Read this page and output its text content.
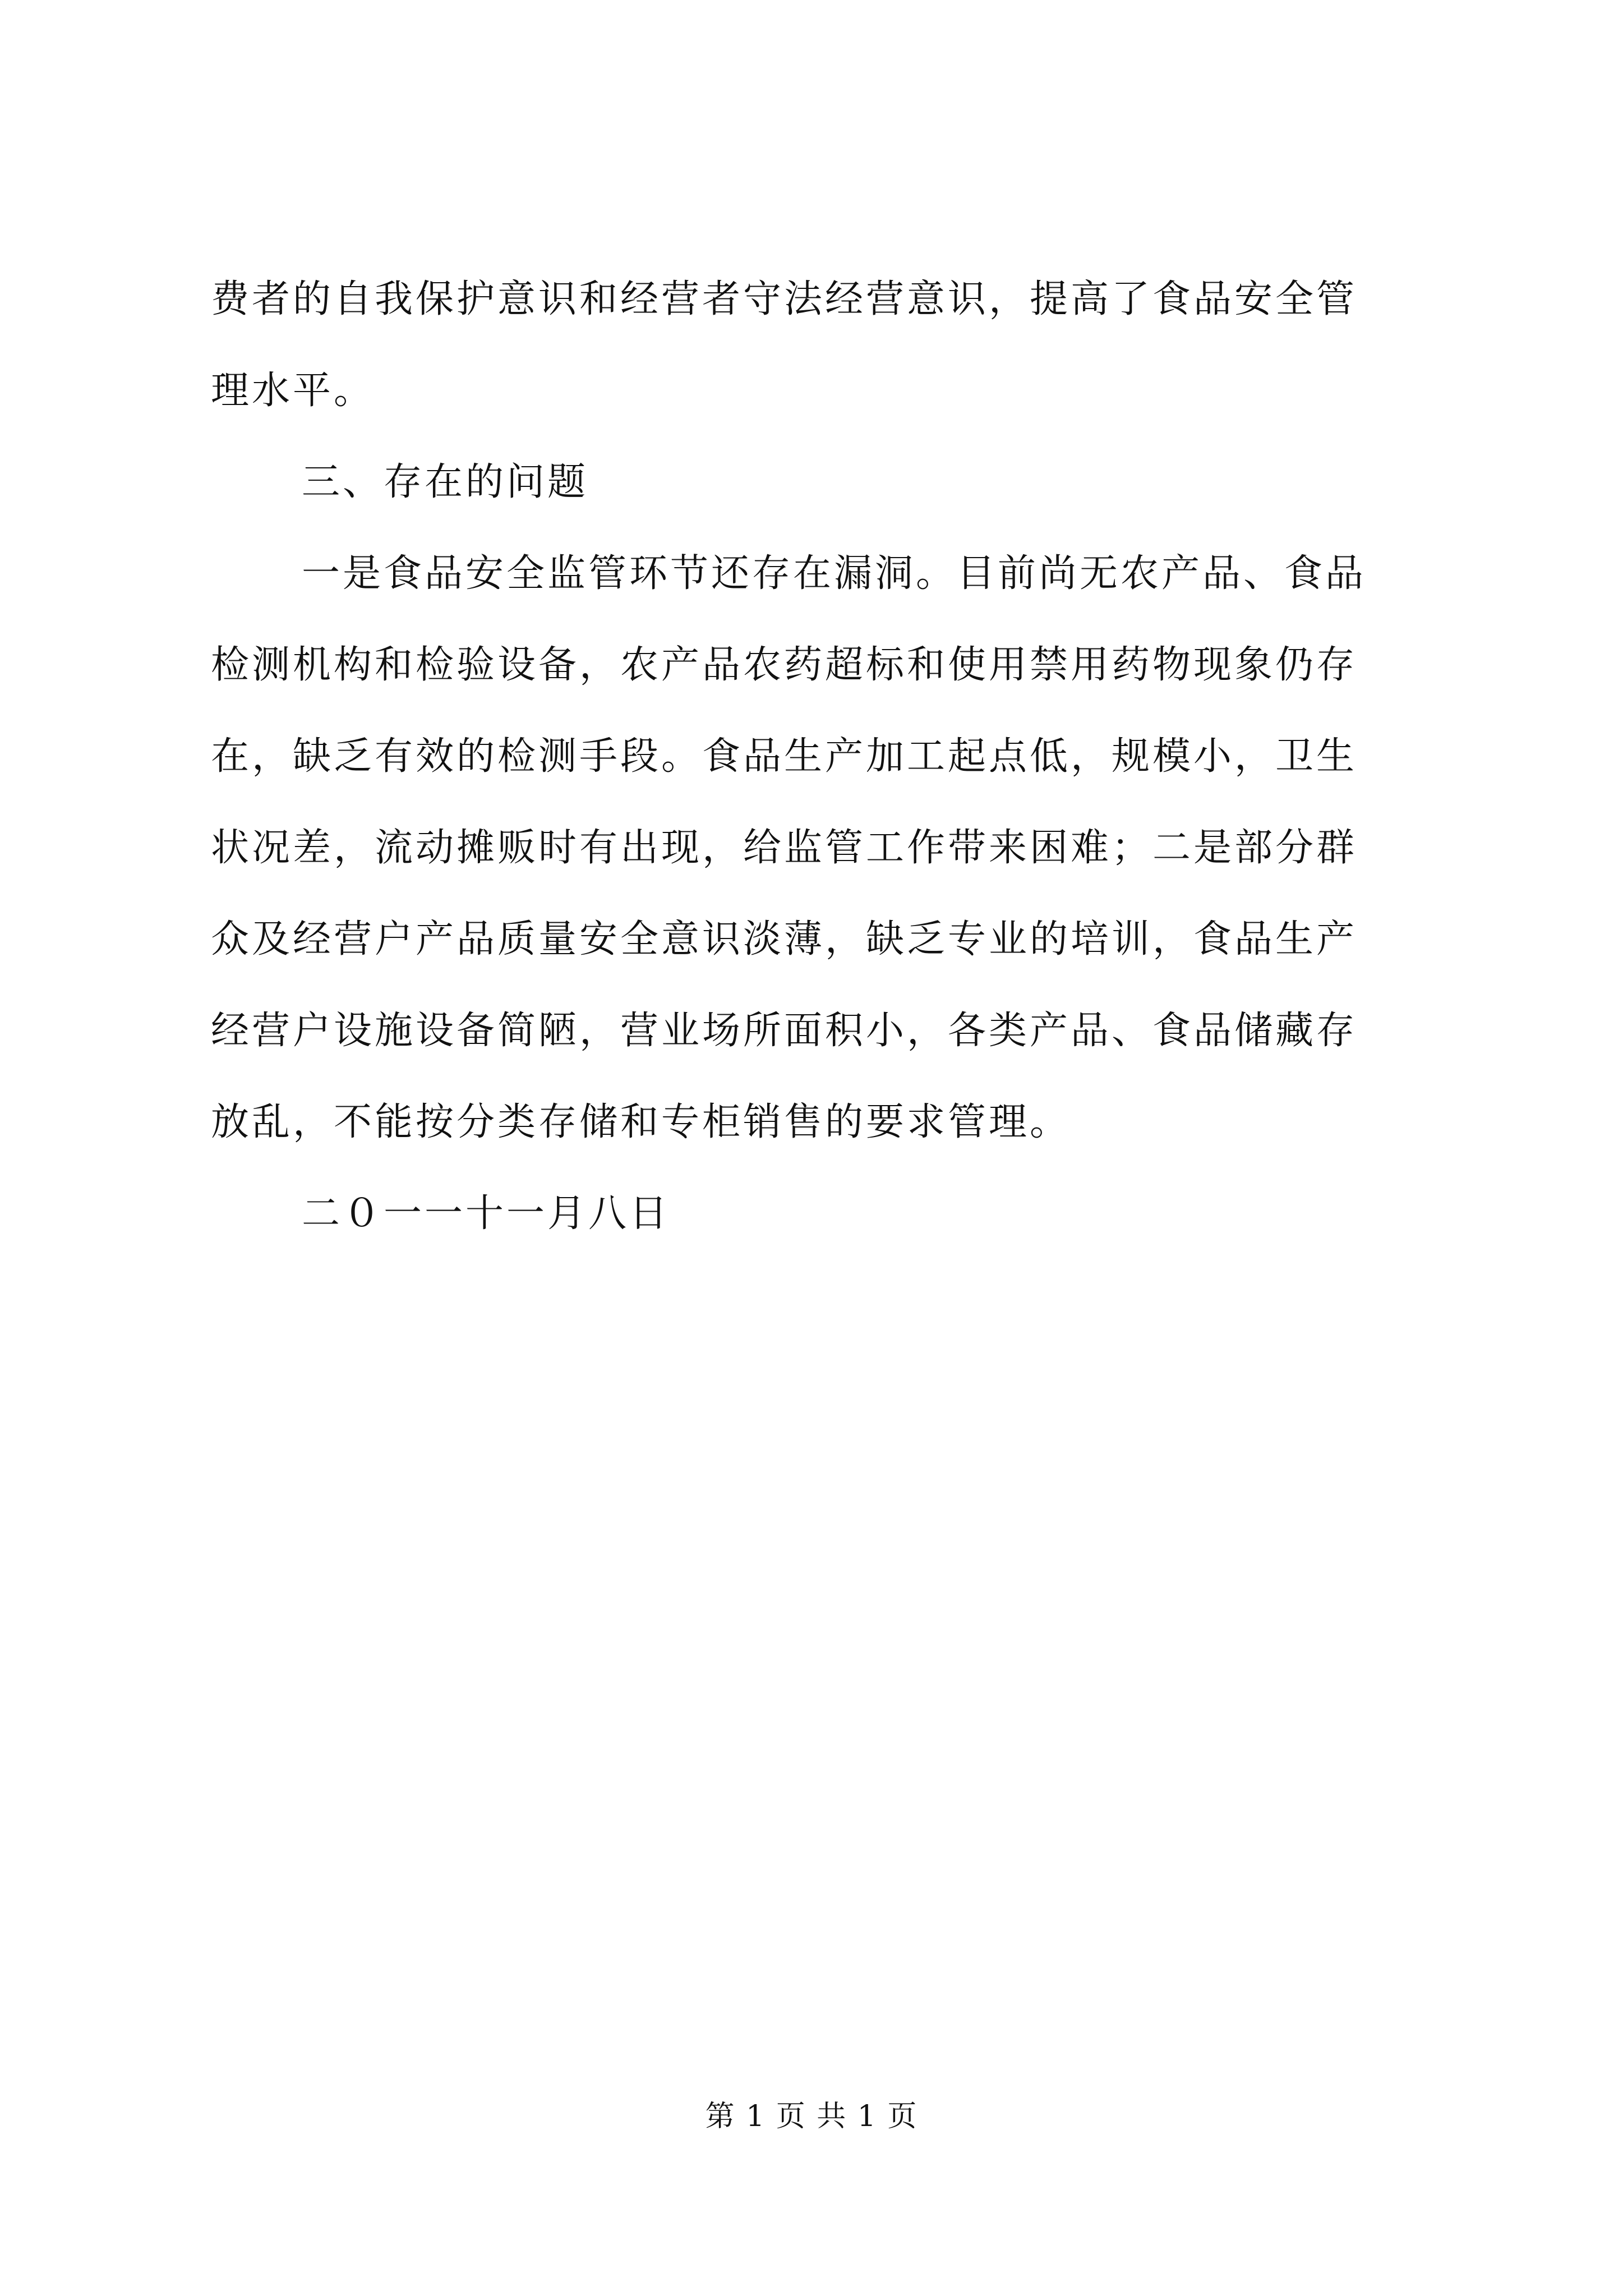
费者的自我保护意识和经营者守法经营意识，提高了食品安全管
理水平。
三、存在的问题
一是食品安全监管环节还存在漏洞。目前尚无农产品、食品
检测机构和检验设备，农产品农药超标和使用禁用药物现象仍存
在，缺乏有效的检测手段。食品生产加工起点低，规模小，卫生
状况差，流动摊贩时有出现，给监管工作带来困难；二是部分群
众及经营户产品质量安全意识淡薄，缺乏专业的培训，食品生产
经营户设施设备简陋，营业场所面积小，各类产品、食品储藏存
放乱，不能按分类存储和专柜销售的要求管理。
二０一一十一月八日
第 1 页 共 1 页
